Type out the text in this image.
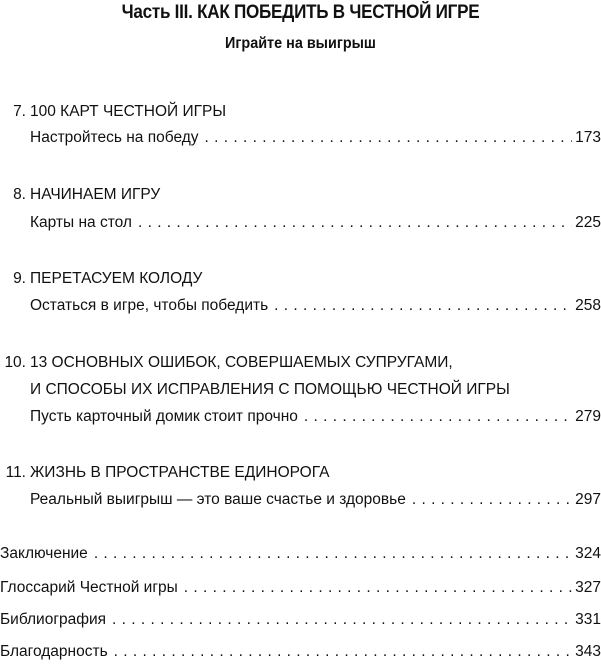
Часть III. КАК ПОБЕДИТЬ В ЧЕСТНОЙ ИГРЕ
Играйте на выигрыш
7. 100 КАРТ ЧЕСТНОЙ ИГРЫ
Настройтесь на победу . . .	173
8. НАЧИНАЕМ ИГРУ
Карты на стол . . .	225
9. ПЕРЕТАСУЕМ КОЛОДУ
Остаться в игре, чтобы победить . . .	258
10. 13 ОСНОВНЫХ ОШИБОК, СОВЕРШАЕМЫХ СУПРУГАМИ,
И СПОСОБЫ ИХ ИСПРАВЛЕНИЯ С ПОМОЩЬЮ ЧЕСТНОЙ ИГРЫ
Пусть карточный домик стоит прочно . . .	279
11. ЖИЗНЬ В ПРОСТРАНСТВЕ ЕДИНОРОГА
Реальный выигрыш — это ваше счастье и здоровье . . .	297
Заключение . . .	324
Глоссарий Честной игры . . .	327
Библиография . . .	331
Благодарность . . .	343
